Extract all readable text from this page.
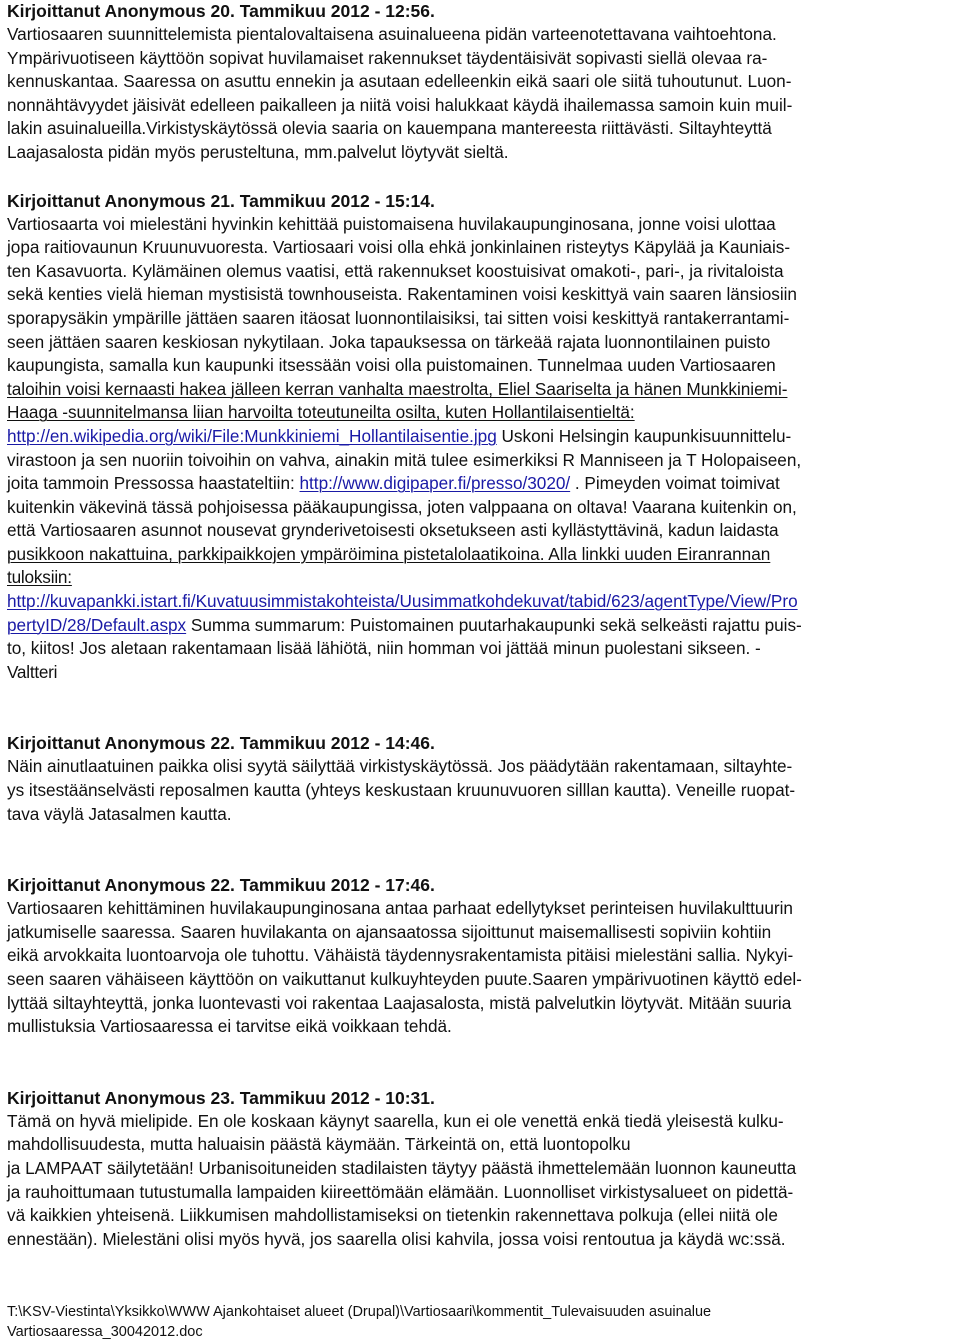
Kirjoittanut Anonymous 20. Tammikuu 2012 - 12:56.

Vartiosaaren suunnittelemista pientalovaltaisena asuinalueena pidän varteenotettavana vaihtoehtona.
Ympärivuotiseen käyttöön sopivat huvilamaiset rakennukset täydentäisivät sopivasti siellä olevaa ra-
kennuskantaa. Saaressa on asuttu ennekin ja asutaan edelleenkin eikä saari ole siitä tuhoutunut. Luon-
nonnähtävyydet jäisivät edelleen paikalleen ja niitä voisi halukkaat käydä ihailemassa samoin kuin muil-
lakin asuinalueilla.Virkistyskäytössä olevia saaria on kauempana mantereesta riittävästi. Siltayhteyttä
Laajasalosta pidän myös perusteltuna, mm.palvelut löytyvät sieltä.

Kirjoittanut Anonymous 21. Tammikuu 2012 - 15:14.

Vartiosaarta voi mielestäni hyvinkin kehittää puistomaisena huvilakaupunginosana, jonne voisi ulottaa
jopa raitiovaunun Kruunuvuoresta. Vartiosaari voisi olla ehkä jonkinlainen risteytys Käpylää ja Kauniais-
ten Kasavuorta. Kylämäinen olemus vaatisi, että rakennukset koostuisivat omakoti-, pari-, ja rivitaloista
sekä kenties vielä hieman mystisistä townhouseista. Rakentaminen voisi keskittyä vain saaren länsiosiin
sporapysäkin ympärille jättäen saaren itäosat luonnontilaisiksi, tai sitten voisi keskittyä rantakerrantami-
seen jättäen saaren keskiosan nykytilaan. Joka tapauksessa on tärkeää rajata luonnontilainen puisto
kaupungista, samalla kun kaupunki itsessään voisi olla puistomainen. Tunnelmaa uuden Vartiosaaren
taloihin voisi kernaasti hakea jälleen kerran vanhalta maestrolta, Eliel Saariselta ja hänen Munkkiniemi-
Haaga -suunnitelmansa liian harvoilta toteutuneilta osilta, kuten Hollantilaisentieltä:
http://en.wikipedia.org/wiki/File:Munkkiniemi_Hollantilaisentie.jpg Uskoni Helsingin kaupunkisuunnittelu-
virastoon ja sen nuoriin toivoihin on vahva, ainakin mitä tulee esimerkiksi R Manniseen ja T Holopaiseen,
joita tammoin Pressossa haastateltiin: http://www.digipaper.fi/presso/3020/ . Pimeyden voimat toimivat
kuitenkin väkevinä tässä pohjoisessa pääkaupungissa, joten valppaana on oltava! Vaarana kuitenkin on,
että Vartiosaaren asunnot nousevat grynderivetoisesti oksetukseen asti kyllästyttävinä, kadun laidasta
pusikkoon nakattuina, parkkipaikkojen ympäröimina pistetalolaatikoina. Alla linkki uuden Eiranrannan
tuloksiin:
http://kuvapankki.istart.fi/Kuvatuusimmistakohteista/Uusimmatkohdekuvat/tabid/623/agentType/View/Pro
pertyID/28/Default.aspx Summa summarum: Puistomainen puutarhakaupunki sekä selkeästi rajattu puis-
to, kiitos! Jos aletaan rakentamaan lisää lähiötä, niin homman voi jättää minun puolestani sikseen. -
Valtteri

Kirjoittanut Anonymous 22. Tammikuu 2012 - 14:46.

Näin ainutlaatuinen paikka olisi syytä säilyttää virkistyskäytössä. Jos päädytään rakentamaan, siltayhte-
ys itsestäänselvästi reposalmen kautta (yhteys keskustaan kruunuvuoren silllan kautta). Veneille ruopat-
tava väylä Jatasalmen kautta.

Kirjoittanut Anonymous 22. Tammikuu 2012 - 17:46.

Vartiosaaren kehittäminen huvilakaupunginosana antaa parhaat edellytykset perinteisen huvilakulttuurin
jatkumiselle saaressa. Saaren huvilakanta on ajansaatossa sijoittunut maisemallisesti sopiviin kohtiin
eikä arvokkaita luontoarvoja ole tuhottu. Vähäistä täydennysrakentamista pitäisi mielestäni sallia. Nykyi-
seen saaren vähäiseen käyttöön on vaikuttanut kulkuyhteyden puute.Saaren ympärivuotinen käyttö edel-
lyttää siltayhteyttä, jonka luontevasti voi rakentaa Laajasalosta, mistä palvelutkin löytyvät. Mitään suuria
mullistuksia Vartiosaaressa ei tarvitse eikä voikkaan tehdä.

Kirjoittanut Anonymous 23. Tammikuu 2012 - 10:31.

Tämä on hyvä mielipide. En ole koskaan käynyt saarella, kun ei ole venettä enkä tiedä yleisestä kulku-
mahdollisuudesta, mutta haluaisin päästä käymään. Tärkeintä on, että luontopolku
ja LAMPAAT säilytetään! Urbanisoituneiden stadilaisten täytyy päästä ihmettelemään luonnon kauneutta
ja rauhoittumaan tutustumalla lampaiden kiireettömään elämään. Luonnolliset virkistysalueet on pidettä-
vä kaikkien yhteisenä. Liikkumisen mahdollistamiseksi on tietenkin rakennettava polkuja (ellei niitä ole
ennestään). Mielestäni olisi myös hyvä, jos saarella olisi kahvila, jossa voisi rentoutua ja käydä wc:ssä.
T:\KSV-Viestinta\Yksikko\WWW Ajankohtaiset alueet (Drupal)\Vartiosaari\kommentit_Tulevaisuuden asuinalue
Vartiosaaressa_30042012.doc
